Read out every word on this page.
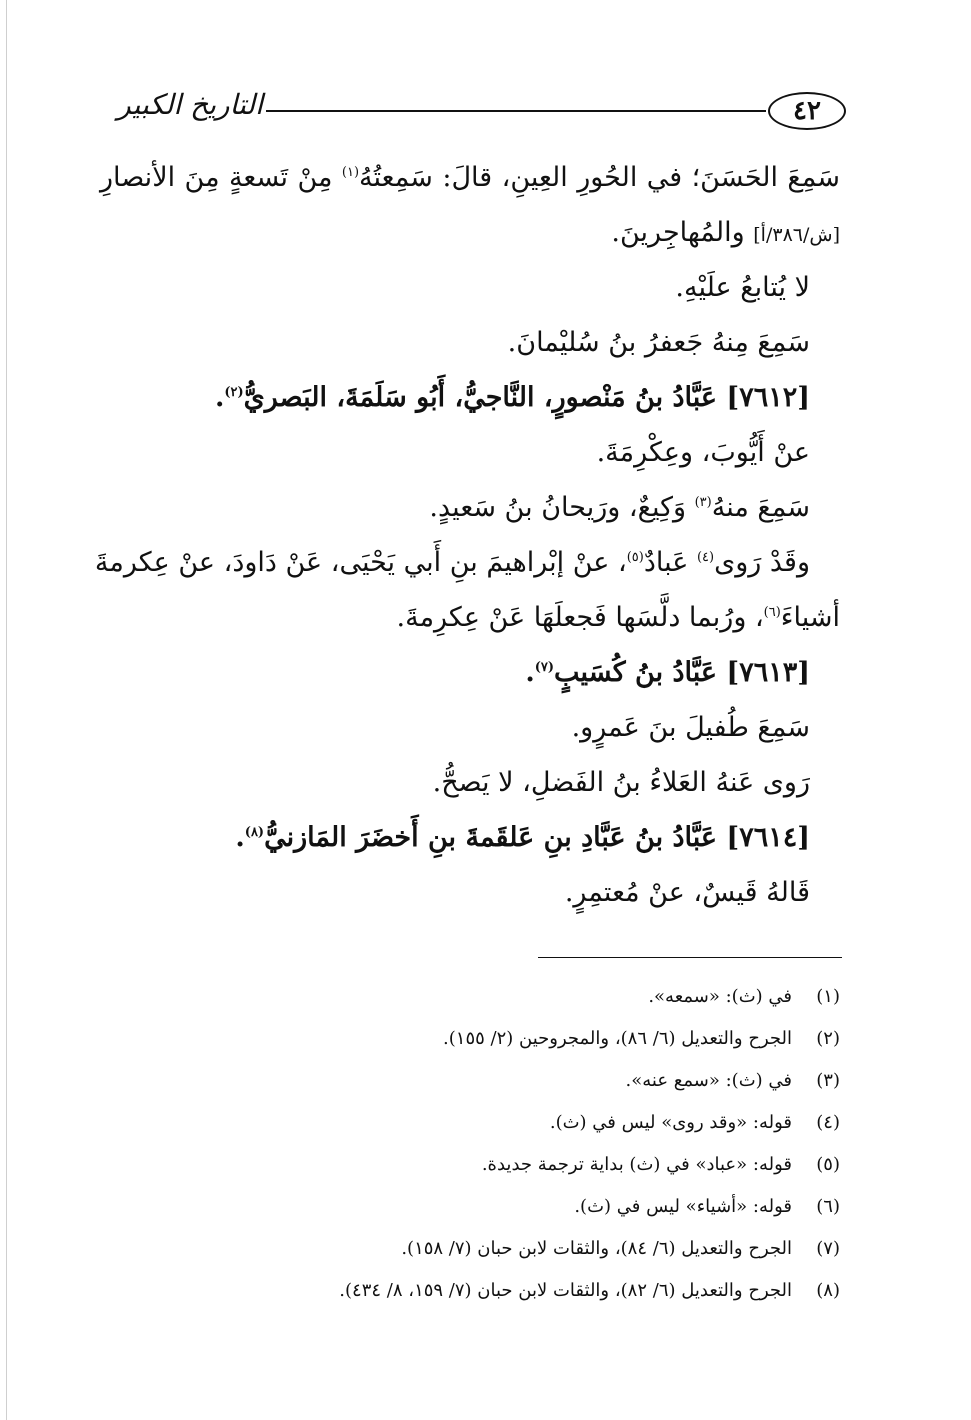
٤٢
التاريخ الكبير
سَمِعَ الحَسَنَ؛ في الحُورِ العِينِ، قالَ: سَمِعتُهُ$^{(١)}$ مِنْ تَسعةٍ مِنَ الأنصارِ
[ش/٣٨٦/أ] والمُهاجِرينَ.
لا يُتابعُ علَيْهِ.
سَمِعَ مِنهُ جَعفرُ بنُ سُليْمانَ.
[٧٦١٢] عَبَّادُ بنُ مَنْصورٍ، النَّاجيُّ، أَبُو سَلَمَةَ، البَصريُّ$^{(٢)}$.
عنْ أَيُّوبَ، وعِكْرِمَةَ.
سَمِعَ منهُ$^{(٣)}$ وَكِيعٌ، ورَيحانُ بنُ سَعيدٍ.
وقَدْ رَوى$^{(٤)}$ عَبادٌ$^{(٥)}$، عنْ إبْراهيمَ بنِ أَبي يَحْيَى، عَنْ دَاودَ، عنْ عِكرمةَ
أشياءَ$^{(٦)}$، ورُبما دلَّسَها فَجعلَهَا عَنْ عِكرِمةَ.
[٧٦١٣] عَبَّادُ بنُ كُسَيبٍ$^{(٧)}$.
سَمِعَ طُفيلَ بنَ عَمرٍو.
رَوى عَنهُ العَلاءُ بنُ الفَضلِ، لا يَصحُّ.
[٧٦١٤] عَبَّادُ بنُ عَبَّادِ بنِ عَلقَمةَ بنِ أَخضَرَ المَازنيُّ$^{(٨)}$.
قَالهُ قَيسٌ، عنْ مُعتمِرٍ.
(١)في (ث): «سمعه».
(٢)الجرح والتعديل (٦/ ٨٦)، والمجروحين (٢/ ١٥٥).
(٣)في (ث): «سمع عنه».
(٤)قوله: «وقد روى» ليس في (ث).
(٥)قوله: «عباد» في (ث) بداية ترجمة جديدة.
(٦)قوله: «أشياء» ليس في (ث).
(٧)الجرح والتعديل (٦/ ٨٤)، والثقات لابن حبان (٧/ ١٥٨).
(٨)الجرح والتعديل (٦/ ٨٢)، والثقات لابن حبان (٧/ ١٥٩، ٨/ ٤٣٤).
